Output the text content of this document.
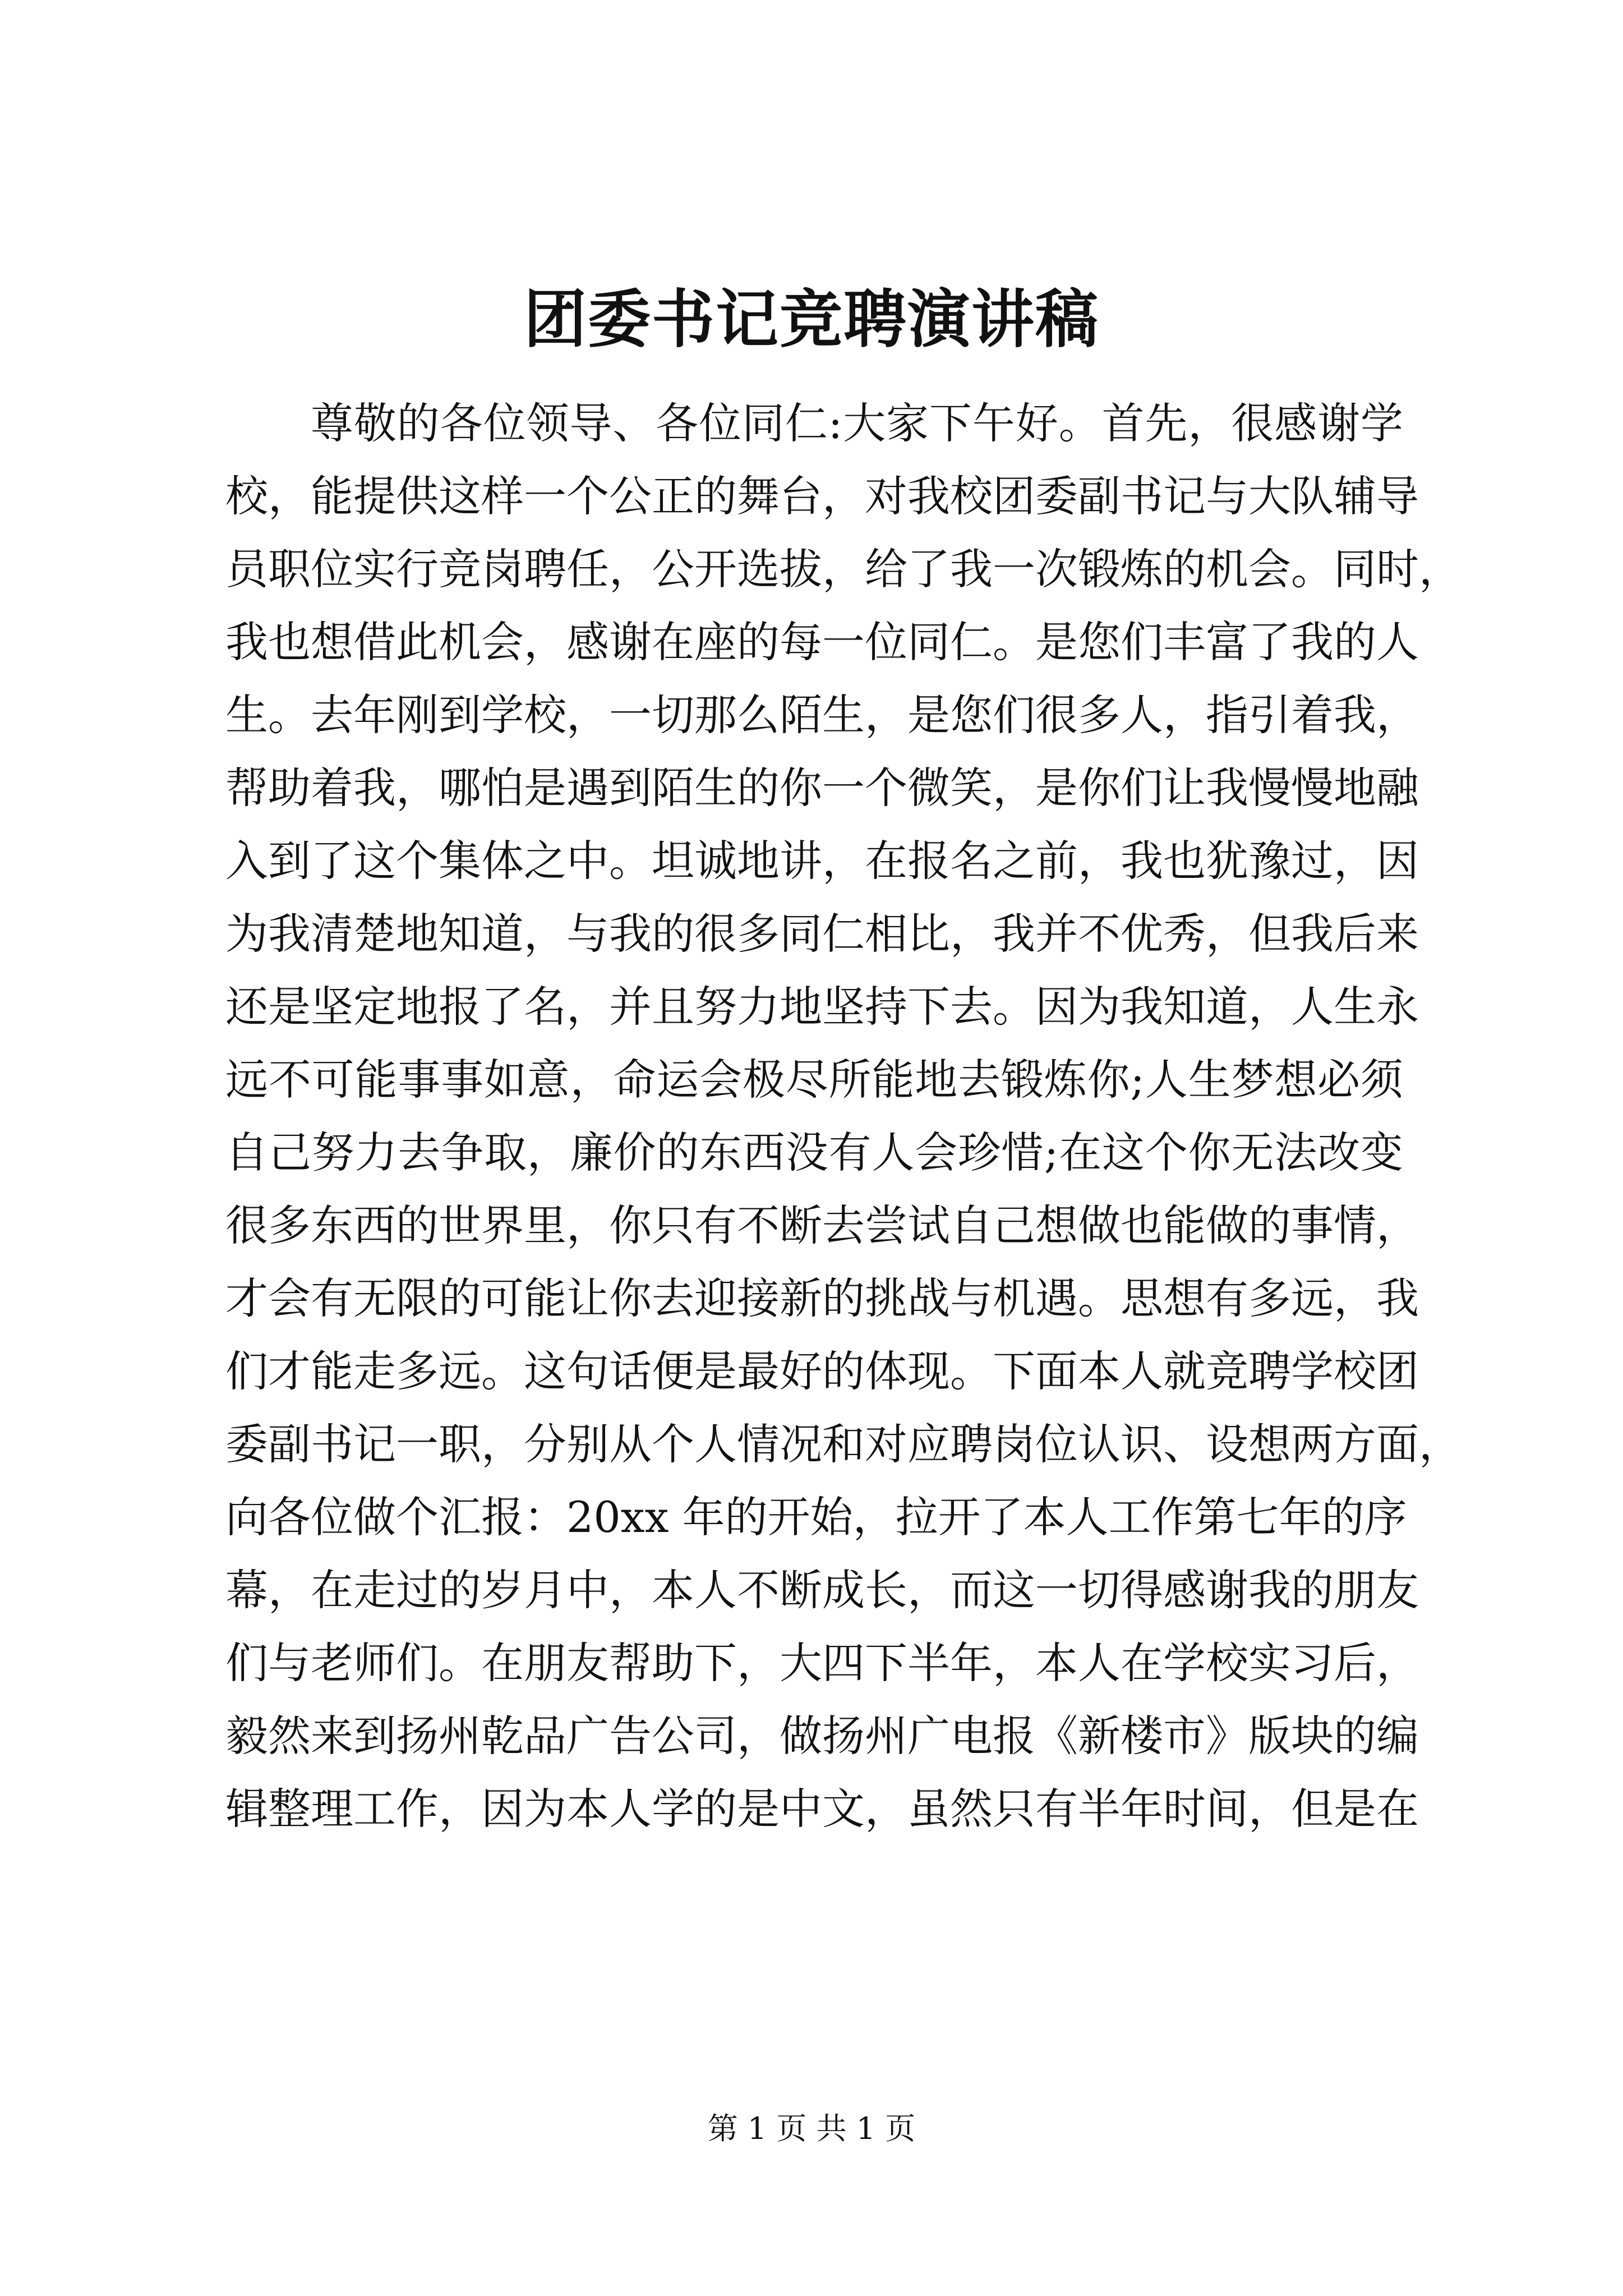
团委书记竞聘演讲稿
尊敬的各位领导、各位同仁:大家下午好。首先，很感谢学
校，能提供这样一个公正的舞台，对我校团委副书记与大队辅导
员职位实行竞岗聘任，公开选拔，给了我一次锻炼的机会。同时，
我也想借此机会，感谢在座的每一位同仁。是您们丰富了我的人
生。去年刚到学校，一切那么陌生，是您们很多人，指引着我，
帮助着我，哪怕是遇到陌生的你一个微笑，是你们让我慢慢地融
入到了这个集体之中。坦诚地讲，在报名之前，我也犹豫过，因
为我清楚地知道，与我的很多同仁相比，我并不优秀，但我后来
还是坚定地报了名，并且努力地坚持下去。因为我知道，人生永
远不可能事事如意，命运会极尽所能地去锻炼你;人生梦想必须
自己努力去争取，廉价的东西没有人会珍惜;在这个你无法改变
很多东西的世界里，你只有不断去尝试自己想做也能做的事情，
才会有无限的可能让你去迎接新的挑战与机遇。思想有多远，我
们才能走多远。这句话便是最好的体现。下面本人就竞聘学校团
委副书记一职，分别从个人情况和对应聘岗位认识、设想两方面，
向各位做个汇报：20xx 年的开始，拉开了本人工作第七年的序
幕，在走过的岁月中，本人不断成长，而这一切得感谢我的朋友
们与老师们。在朋友帮助下，大四下半年，本人在学校实习后，
毅然来到扬州乾品广告公司，做扬州广电报《新楼市》版块的编
辑整理工作，因为本人学的是中文，虽然只有半年时间，但是在
第 1 页 共 1 页
